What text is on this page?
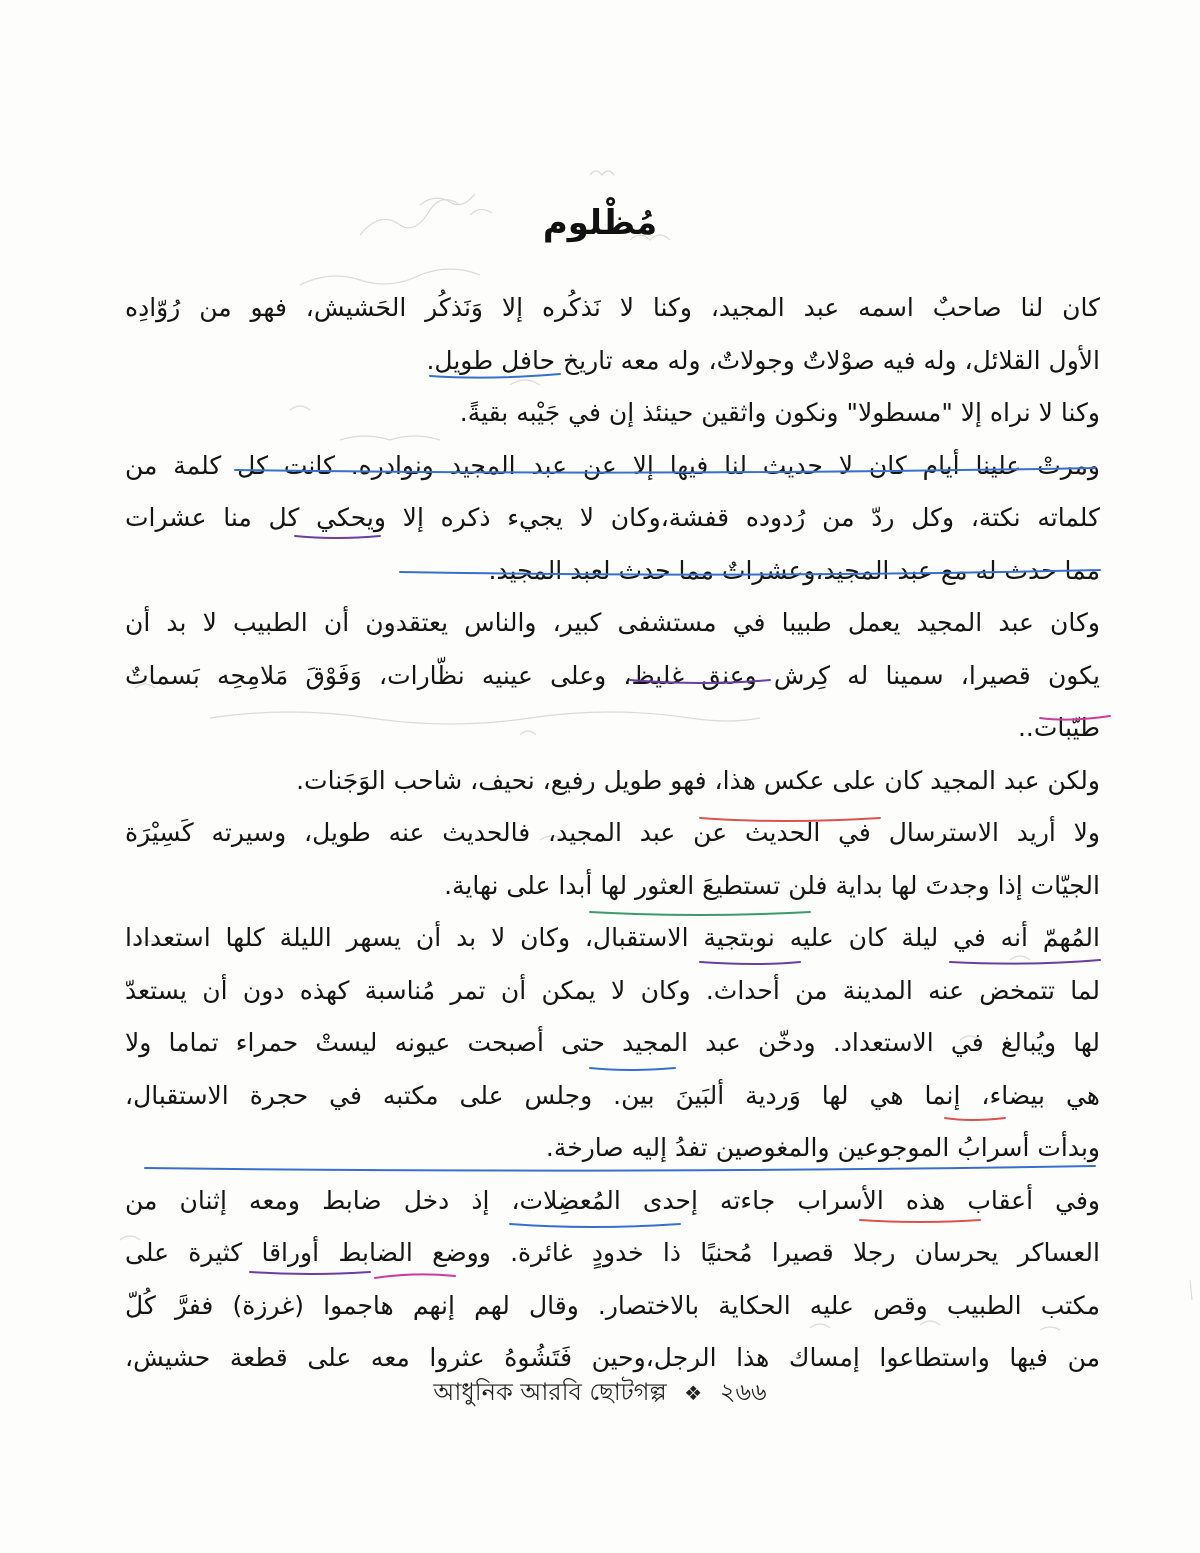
مُظْلوم

كان لنا صاحبٌ اسمه عبد المجيد، وكنا لا نَذكُره إلا وَنَذكُر الحَشيش، فهو من رُوّادِه
الأول القلائل، وله فيه صوْلاتٌ وجولاتٌ، وله معه تاريخ حافل طويل.

وكنا لا نراه إلا "مسطولا" ونكون واثقين حينئذ إن في جَيْبه بقيةً.

ومرتْ علينا أيام كان لا حديث لنا فيها إلا عن عبد المجيد ونوادره. كانت كل كلمة من
كلماته نكتة، وكل ردّ من رُدوده قفشة،وكان لا يجيء ذكره إلا ويحكي كل منا عشرات
مما حدث له مع عبد المجيد،وعشراتٌ مما حدث لعبد المجيد.

وكان عبد المجيد يعمل طبيبا في مستشفى كبير، والناس يعتقدون أن الطبيب لا بد أن
يكون قصيرا، سمينا له كِرش وعنق غليظ، وعلى عينيه نظّارات، وَفَوْقَ مَلامِحِه بَسماتٌ
طيّبات..

ولكن عبد المجيد كان على عكس هذا، فهو طويل رفيع، نحيف، شاحب الوَجَنات.

ولا أريد الاسترسال في الحديث عن عبد المجيد، فالحديث عنه طويل، وسيرته كَسِيْرَة
الجيّات إذا وجدتَ لها بداية فلن تستطيعَ العثور لها أبدا على نهاية.

المُهمّ أنه في ليلة كان عليه نوبتجية الاستقبال، وكان لا بد أن يسهر الليلة كلها استعدادا
لما تتمخض عنه المدينة من أحداث. وكان لا يمكن أن تمر مُناسبة كهذه دون أن يستعدّ
لها ويُبالغ في الاستعداد. ودخّن عبد المجيد حتى أصبحت عيونه ليستْ حمراء تماما ولا
هي بيضاء، إنما هي لها وَردية ألبَينَ بين. وجلس على مكتبه في حجرة الاستقبال،
وبدأت أسرابُ الموجوعين والمغوصين تفدُ إليه صارخة.

وفي أعقاب هذه الأسراب جاءته إحدى المُعضِلات، إذ دخل ضابط ومعه إثنان من
العساكر يحرسان رجلا قصيرا مُحنيًا ذا خدودٍ غائرة. ووضع الضابط أوراقا كثيرة على
مكتب الطبيب وقص عليه الحكاية بالاختصار. وقال لهم إنهم هاجموا (غرزة) ففرَّ كُلّ
من فيها واستطاعوا إمساك هذا الرجل،وحين فَتَشُوهُ عثروا معه على قطعة حشيش،

আধুনিক আরবি ছোটগল্প ❖ ২৬৬
